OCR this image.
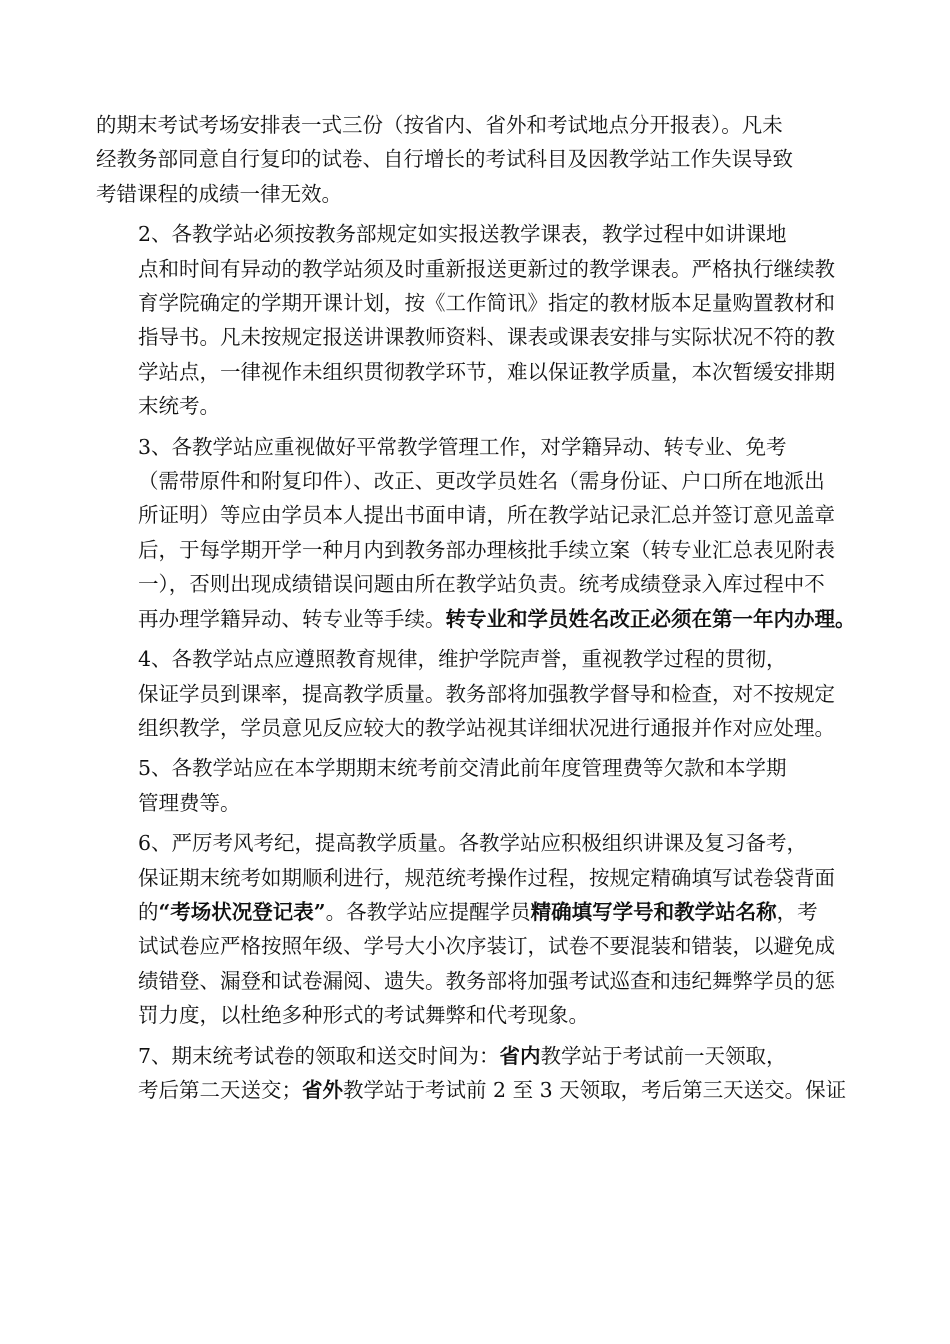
的期末考试考场安排表一式三份（按省内、省外和考试地点分开报表）。凡未
经教务部同意自行复印的试卷、自行增长的考试科目及因教学站工作失误导致
考错课程的成绩一律无效。
2、各教学站必须按教务部规定如实报送教学课表，教学过程中如讲课地
点和时间有异动的教学站须及时重新报送更新过的教学课表。严格执行继续教
育学院确定的学期开课计划，按《工作简讯》指定的教材版本足量购置教材和
指导书。凡未按规定报送讲课教师资料、课表或课表安排与实际状况不符的教
学站点，一律视作未组织贯彻教学环节，难以保证教学质量，本次暂缓安排期
末统考。
3、各教学站应重视做好平常教学管理工作，对学籍异动、转专业、免考
（需带原件和附复印件）、改正、更改学员姓名（需身份证、户口所在地派出
所证明）等应由学员本人提出书面申请，所在教学站记录汇总并签订意见盖章
后，于每学期开学一种月内到教务部办理核批手续立案（转专业汇总表见附表
一），否则出现成绩错误问题由所在教学站负责。统考成绩登录入库过程中不
再办理学籍异动、转专业等手续。转专业和学员姓名改正必须在第一年内办理。
4、各教学站点应遵照教育规律，维护学院声誉，重视教学过程的贯彻，
保证学员到课率，提高教学质量。教务部将加强教学督导和检查，对不按规定
组织教学，学员意见反应较大的教学站视其详细状况进行通报并作对应处理。
5、各教学站应在本学期期末统考前交清此前年度管理费等欠款和本学期
管理费等。
6、严厉考风考纪，提高教学质量。各教学站应积极组织讲课及复习备考，
保证期末统考如期顺利进行，规范统考操作过程，按规定精确填写试卷袋背面
的“考场状况登记表”。各教学站应提醒学员精确填写学号和教学站名称，考
试试卷应严格按照年级、学号大小次序装订，试卷不要混装和错装，以避免成
绩错登、漏登和试卷漏阅、遗失。教务部将加强考试巡查和违纪舞弊学员的惩
罚力度，以杜绝多种形式的考试舞弊和代考现象。
7、期末统考试卷的领取和送交时间为：省内教学站于考试前一天领取，
考后第二天送交；省外教学站于考试前 2 至 3 天领取，考后第三天送交。保证
